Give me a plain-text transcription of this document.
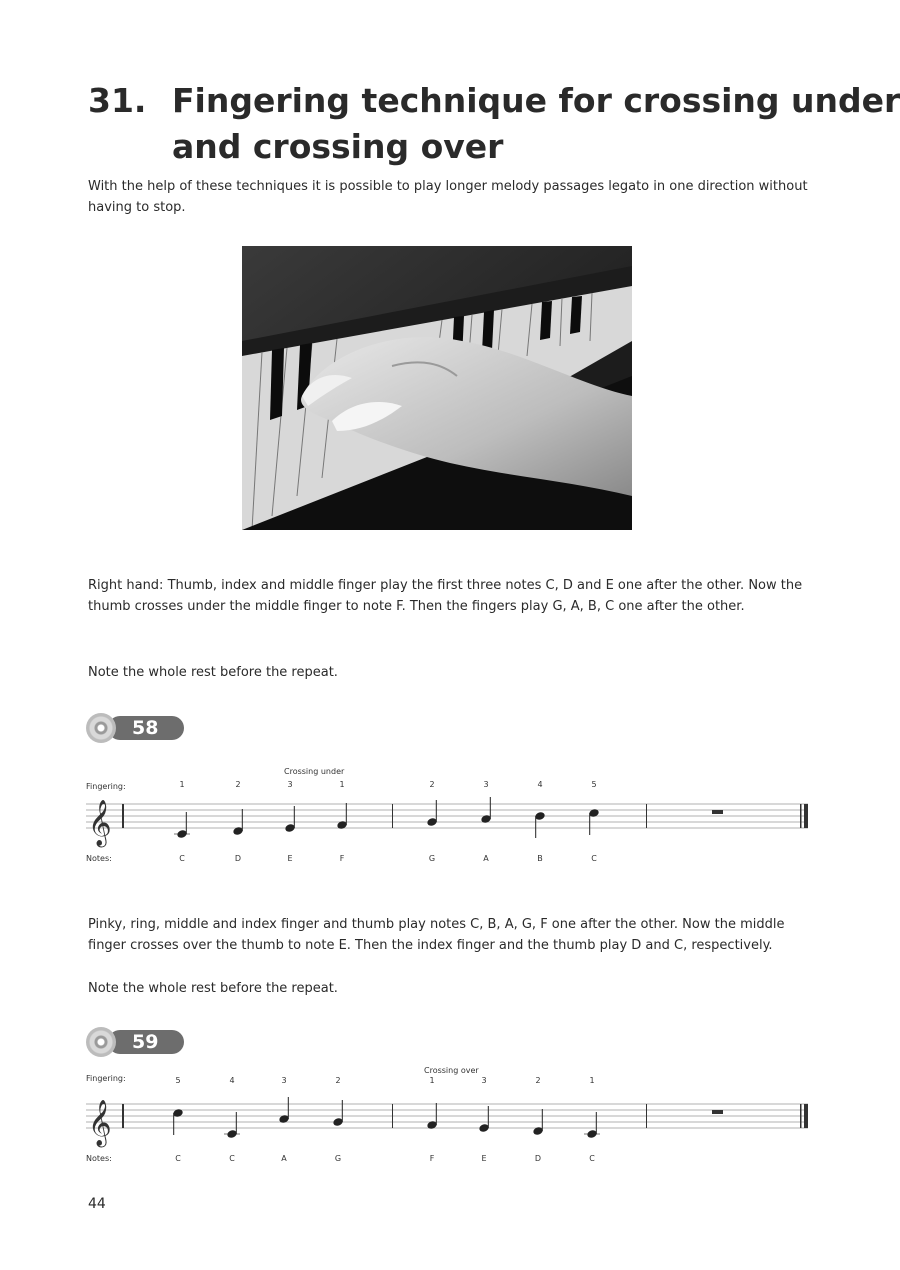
31. Fingering technique for crossing under
and crossing over

With the help of these techniques it is possible to play longer melody passages legato in one direction without having to stop.

Right hand: Thumb, index and middle finger play the first three notes C, D and E one after the other. Now the thumb crosses under the middle finger to note F. Then the fingers play G, A, B, C one after the other.

Note the whole rest before the repeat.

58
𝄞
Fingering:
Crossing under
Notes:
1	2	3	1	2	3	4	5
C	D	E	F	G	A	B	C

Pinky, ring, middle and index finger and thumb play notes C, B, A, G, F one after the other. Now the middle finger crosses over the thumb to note E. Then the index finger and the thumb play D and C, respectively.

Note the whole rest before the repeat.

59
𝄞
Fingering:
Crossing over
Notes:
5	4	3	2	1	3	2	1
C	C	A	G	F	E	D	C
44
